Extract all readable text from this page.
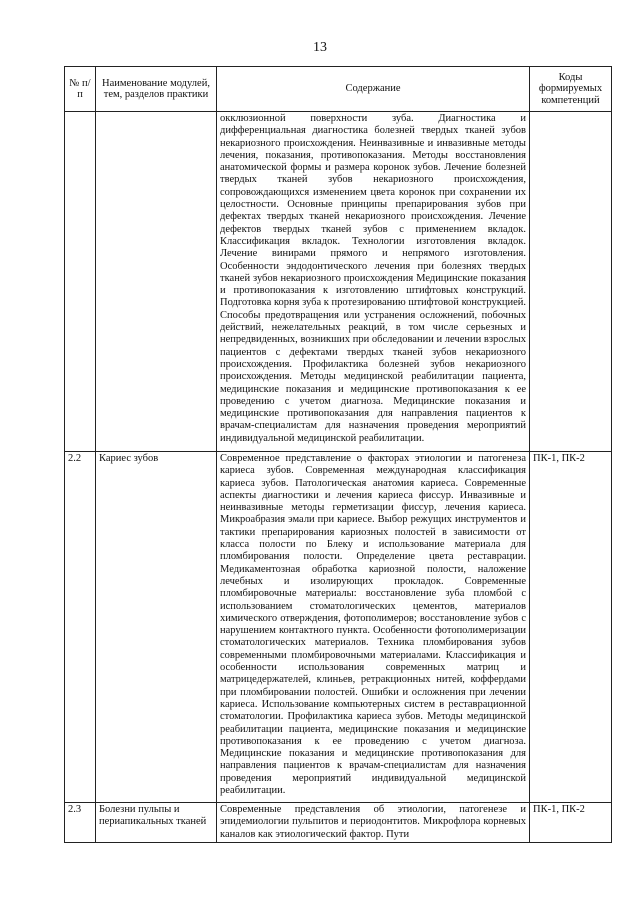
13
№ п/п	Наименование модулей, тем, разделов практики	Содержание	Коды формируемых компетенций

		окклюзионной поверхности зуба. Диагностика и дифференциальная диагностика болезней твердых тканей зубов некариозного происхождения. Неинвазивные и инвазивные методы лечения, показания, противопоказания. Методы восстановления анатомической формы и размера коронок зубов. Лечение болезней твердых тканей зубов некариозного происхождения, сопровождающихся изменением цвета коронок при сохранении их целостности. Основные принципы препарирования зубов при дефектах твердых тканей некариозного происхождения. Лечение дефектов твердых тканей зубов с применением вкладок. Классификация вкладок. Технологии изготовления вкладок. Лечение винирами прямого и непрямого изготовления. Особенности эндодонтического лечения при болезнях твердых тканей зубов некариозного происхождения Медицинские показания и противопоказания к изготовлению штифтовых конструкций. Подготовка корня зуба к протезированию штифтовой конструкцией. Способы предотвращения или устранения осложнений, побочных действий, нежелательных реакций, в том числе серьезных и непредвиденных, возникших при обследовании и лечении взрослых пациентов с дефектами твердых тканей зубов некариозного происхождения. Профилактика болезней зубов некариозного происхождения. Методы медицинской реабилитации пациента, медицинские показания и медицинские противопоказания к ее проведению с учетом диагноза. Медицинские показания и медицинские противопоказания для направления пациентов к врачам-специалистам для назначения проведения мероприятий индивидуальной медицинской реабилитации.	

2.2	Кариес зубов	Современное представление о факторах этиологии и патогенеза кариеса зубов. Современная международная классификация кариеса зубов. Патологическая анатомия кариеса. Современные аспекты диагностики и лечения кариеса фиссур. Инвазивные и неинвазивные методы герметизации фиссур, лечения кариеса. Микроабразия эмали при кариесе. Выбор режущих инструментов и тактики препарирования кариозных полостей в зависимости от класса полости по Блеку и использование материала для пломбирования полости. Определение цвета реставрации. Медикаментозная обработка кариозной полости, наложение лечебных и изолирующих прокладок. Современные пломбировочные материалы: восстановление зуба пломбой с использованием стоматологических цементов, материалов химического отверждения, фотополимеров; восстановление зубов с нарушением контактного пункта. Особенности фотополимеризации стоматологических материалов. Техника пломбирования зубов современными пломбировочными материалами. Классификация и особенности использования современных матриц и матрицедержателей, клиньев, ретракционных нитей, коффердами при пломбировании полостей. Ошибки и осложнения при лечении кариеса. Использование компьютерных систем в реставрационной стоматологии. Профилактика кариеса зубов. Методы медицинской реабилитации пациента, медицинские показания и медицинские противопоказания к ее проведению с учетом диагноза. Медицинские показания и медицинские противопоказания для направления пациентов к врачам-специалистам для назначения проведения мероприятий индивидуальной медицинской реабилитации.	ПК-1, ПК-2
2.3	Болезни пульпы и периапикальных тканей	Современные представления об этиологии, патогенезе и эпидемиологии пульпитов и периодонтитов. Микрофлора корневых каналов как этиологический фактор. Пути	ПК-1, ПК-2
